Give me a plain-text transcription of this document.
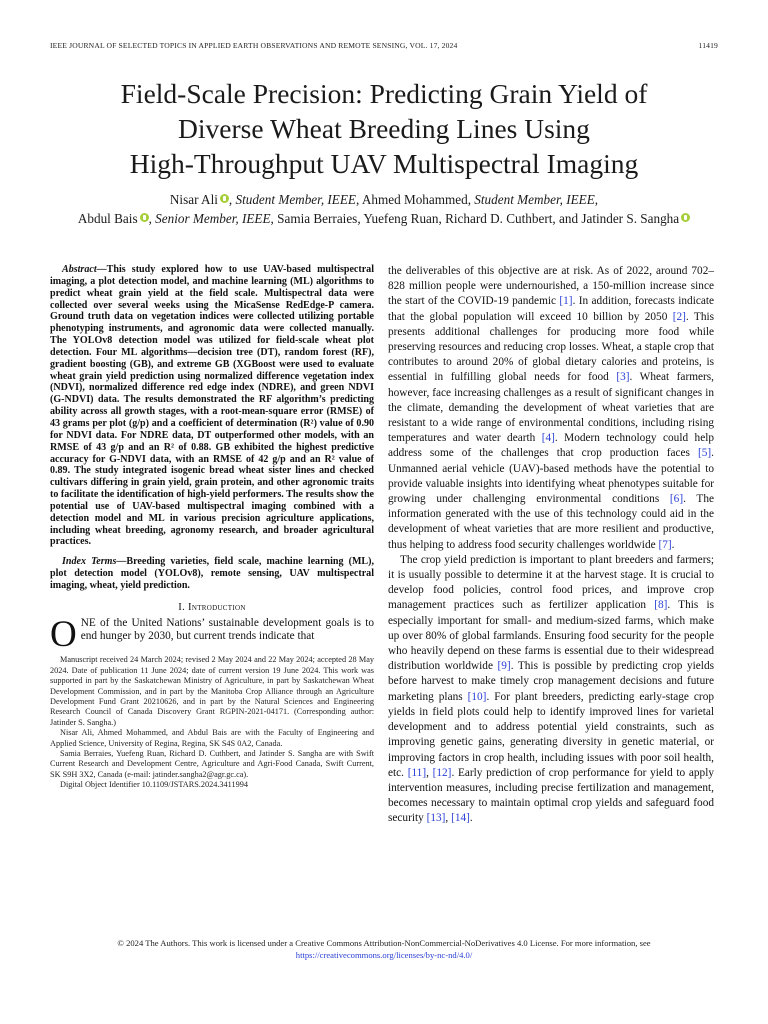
IEEE JOURNAL OF SELECTED TOPICS IN APPLIED EARTH OBSERVATIONS AND REMOTE SENSING, VOL. 17, 2024	11419
Field-Scale Precision: Predicting Grain Yield of
Diverse Wheat Breeding Lines Using
High-Throughput UAV Multispectral Imaging
Nisar Ali , Student Member, IEEE, Ahmed Mohammed, Student Member, IEEE,
Abdul Bais , Senior Member, IEEE, Samia Berraies, Yuefeng Ruan, Richard D. Cuthbert, and Jatinder S. Sangha
Abstract—This study explored how to use UAV-based multispectral imaging, a plot detection model, and machine learning (ML) algorithms to predict wheat grain yield at the field scale. Multispectral data were collected over several weeks using the MicaSense RedEdge-P camera. Ground truth data on vegetation indices were collected utilizing portable phenotyping instruments, and agronomic data were collected manually. The YOLOv8 detection model was utilized for field-scale wheat plot detection. Four ML algorithms—decision tree (DT), random forest (RF), gradient boosting (GB), and extreme GB (XGBoost were used to evaluate wheat grain yield prediction using normalized difference vegetation index (NDVI), normalized difference red edge index (NDRE), and green NDVI (G-NDVI) data. The results demonstrated the RF algorithm’s predicting ability across all growth stages, with a root-mean-square error (RMSE) of 43 grams per plot (g/p) and a coefficient of determination (R²) value of 0.90 for NDVI data. For NDRE data, DT outperformed other models, with an RMSE of 43 g/p and an R² of 0.88. GB exhibited the highest predictive accuracy for G-NDVI data, with an RMSE of 42 g/p and an R² value of 0.89. The study integrated isogenic bread wheat sister lines and checked cultivars differing in grain yield, grain protein, and other agronomic traits to facilitate the identification of high-yield performers. The results show the potential use of UAV-based multispectral imaging combined with a detection model and ML in various precision agriculture applications, including wheat breeding, agronomy research, and broader agricultural practices.
Index Terms—Breeding varieties, field scale, machine learning (ML), plot detection model (YOLOv8), remote sensing, UAV multispectral imaging, wheat, yield prediction.
I. Introduction
ONE of the United Nations’ sustainable development goals is to end hunger by 2030, but current trends indicate that

Manuscript received 24 March 2024; revised 2 May 2024 and 22 May 2024; accepted 28 May 2024. Date of publication 11 June 2024; date of current version 19 June 2024. This work was supported in part by the Saskatchewan Ministry of Agriculture, in part by Saskatchewan Wheat Development Commission, and in part by the Manitoba Crop Alliance through an Agriculture Development Fund Grant 20210626, and in part by the Natural Sciences and Engineering Research Council of Canada Discovery Grant RGPIN-2021-04171. (Corresponding author: Jatinder S. Sangha.)

Nisar Ali, Ahmed Mohammed, and Abdul Bais are with the Faculty of Engineering and Applied Science, University of Regina, Regina, SK S4S 0A2, Canada.

Samia Berraies, Yuefeng Ruan, Richard D. Cuthbert, and Jatinder S. Sangha are with Swift Current Research and Development Centre, Agriculture and Agri-Food Canada, Swift Current, SK S9H 3X2, Canada (e-mail: jatinder.sangha2@agr.gc.ca).

Digital Object Identifier 10.1109/JSTARS.2024.3411994

the deliverables of this objective are at risk. As of 2022, around 702–828 million people were undernourished, a 150-million increase since the start of the COVID-19 pandemic [1]. In addition, forecasts indicate that the global population will exceed 10 billion by 2050 [2]. This presents additional challenges for producing more food while preserving resources and reducing crop losses. Wheat, a staple crop that contributes to around 20% of global dietary calories and proteins, is essential in fulfilling global needs for food [3]. Wheat farmers, however, face increasing challenges as a result of significant changes in the climate, demanding the development of wheat varieties that are resistant to a wide range of environmental conditions, including rising temperatures and water dearth [4]. Modern technology could help address some of the challenges that crop production faces [5]. Unmanned aerial vehicle (UAV)-based methods have the potential to provide valuable insights into identifying wheat phenotypes suitable for growing under challenging environmental conditions [6]. The information generated with the use of this technology could aid in the development of wheat varieties that are more resilient and productive, thus helping to address food security challenges worldwide [7].

The crop yield prediction is important to plant breeders and farmers; it is usually possible to determine it at the harvest stage. It is crucial to develop food policies, control food prices, and improve crop management practices such as fertilizer application [8]. This is especially important for small- and medium-sized farms, which make up over 80% of global farmlands. Ensuring food security for the people who heavily depend on these farms is essential due to their widespread distribution worldwide [9]. This is possible by predicting crop yields before harvest to make timely crop management decisions and future marketing plans [10]. For plant breeders, predicting early-stage crop yields in field plots could help to identify improved lines for varietal development and to address potential yield constraints, such as improving genetic gains, generating diversity in genetic material, or improving factors in crop health, including issues with poor soil health, etc. [11], [12]. Early prediction of crop performance for yield to apply intervention measures, including precise fertilization and management, becomes necessary to maintain optimal crop yields and safeguard food security [13], [14].

© 2024 The Authors. This work is licensed under a Creative Commons Attribution-NonCommercial-NoDerivatives 4.0 License. For more information, see
https://creativecommons.org/licenses/by-nc-nd/4.0/
